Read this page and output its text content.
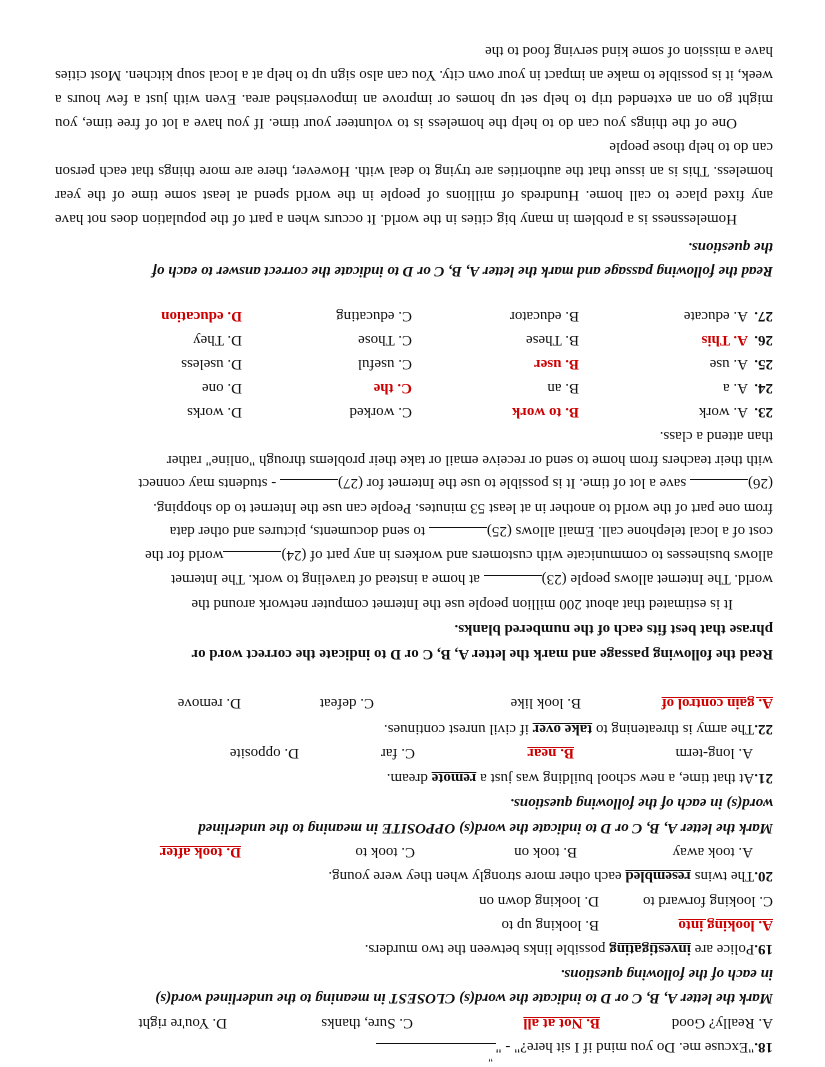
18."Excuse me. Do you mind if I sit here?" - "
"
A. Really? Good
B. Not at all
C. Sure, thanks
D. You're right
Mark the letter A, B, C or D to indicate the word(s) CLOSEST in meaning to the underlined word(s)
in each of the following questions.
19.Police are investigating possible links between the two murders.
A. looking into
B. looking up to
C. looking forward to
D. looking down on
20.The twins resembled each other more strongly when they were young.
A. took away
B. took on
C. took to
D. took after
Mark the letter A, B, C or D to indicate the word(s) OPPOSITE in meaning to the underlined
word(s) in each of the following questions.
21.At that time, a new school building was just a remote dream.
A. long-term
B. near
C. far
D. opposite
22.The army is threatening to take over if civil unrest continues.
A. gain control of
B. look like
C. defeat
D. remove
Read the following passage and mark the letter A, B, C or D to indicate the correct word or
phrase that best fits each of the numbered blanks.
It is estimated that about 200 million people use the Internet computer network around the
world. The Internet allows people (23) at home a instead of traveling to work. The Internet
allows businesses to communicate with customers and workers in any part of (24)world for the
cost of a local telephone call. Email allows (25) to send documents, pictures and other data
from one part of the world to another in at least 53 minutes. People can use the Internet to do shopping.
(26) save a lot of time. It is possible to use the Internet for (27) - students may connect
with their teachers from home to send or receive email or take their problems through "online" rather
than attend a class.
23.
A. work
B. to work
C. worked
D. works
24.
A. a
B. an
C. the
D. one
25.
A. use
B. user
C. useful
D. useless
26.
A. This
B. These
C. Those
D. They
27.
A. educate
B. educator
C. educating
D. education
Read the following passage and mark the letter A, B, C or D to indicate the correct answer to each of
the questions.
Homelessness is a problem in many big cities in the world. It occurs when a part of the population does not have any fixed place to call home. Hundreds of millions of people in the world spend at least some time of the year homeless. This is an issue that the authorities are trying to deal with. However, there are more things that each person can do to help those people
One of the things you can do to help the homeless is to volunteer your time. If you have a lot of free time, you might go on an extended trip to help set up homes or improve an impoverished area. Even with just a few hours a week, it is possible to make an impact in your own city. You can also sign up to help at a local soup kitchen. Most cities have a mission of some kind serving food to the
